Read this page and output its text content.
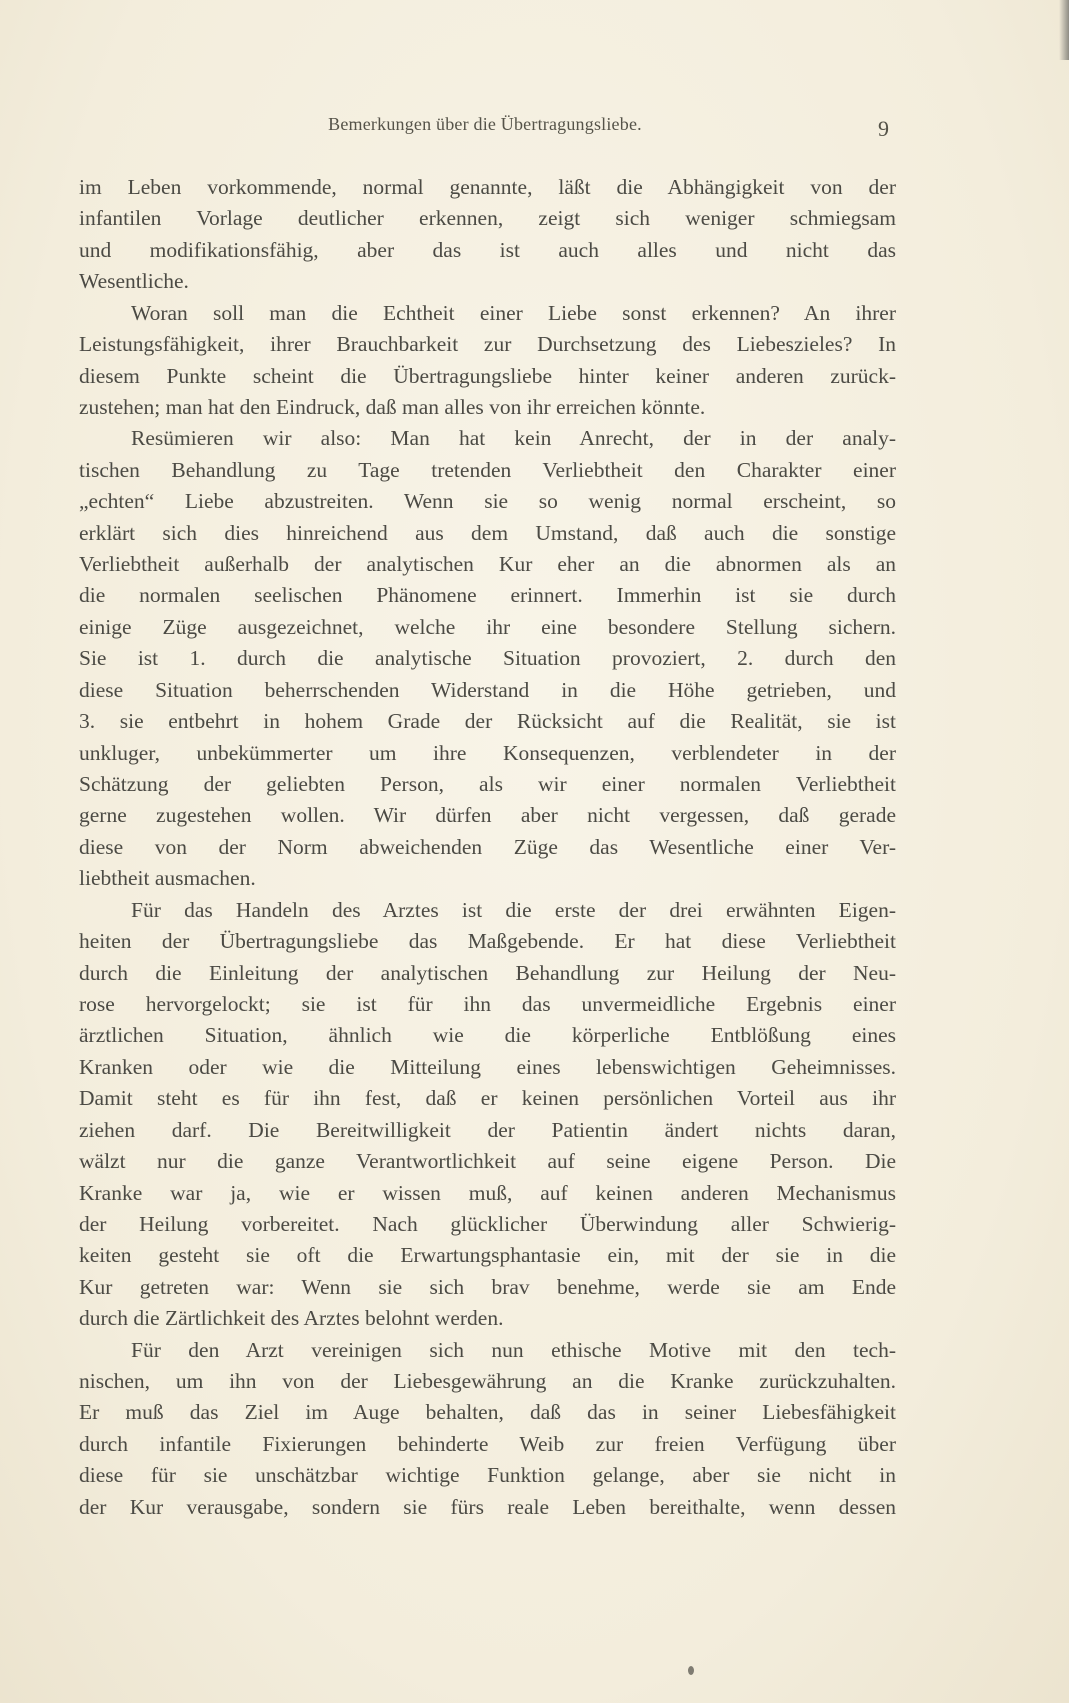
Bemerkungen über die Übertragungsliebe.	9
im Leben vorkommende, normal genannte, läßt die Abhängigkeit von der
infantilen Vorlage deutlicher erkennen, zeigt sich weniger schmiegsam
und modifikationsfähig, aber das ist auch alles und nicht das
Wesentliche.
Woran soll man die Echtheit einer Liebe sonst erkennen? An ihrer
Leistungsfähigkeit, ihrer Brauchbarkeit zur Durchsetzung des Liebeszieles? In
diesem Punkte scheint die Übertragungsliebe hinter keiner anderen zurück-
zustehen; man hat den Eindruck, daß man alles von ihr erreichen könnte.
Resümieren wir also: Man hat kein Anrecht, der in der analy-
tischen Behandlung zu Tage tretenden Verliebtheit den Charakter einer
„echten“ Liebe abzustreiten. Wenn sie so wenig normal erscheint, so
erklärt sich dies hinreichend aus dem Umstand, daß auch die sonstige
Verliebtheit außerhalb der analytischen Kur eher an die abnormen als an
die normalen seelischen Phänomene erinnert. Immerhin ist sie durch
einige Züge ausgezeichnet, welche ihr eine besondere Stellung sichern.
Sie ist 1. durch die analytische Situation provoziert, 2. durch den
diese Situation beherrschenden Widerstand in die Höhe getrieben, und
3. sie entbehrt in hohem Grade der Rücksicht auf die Realität, sie ist
unkluger, unbekümmerter um ihre Konsequenzen, verblendeter in der
Schätzung der geliebten Person, als wir einer normalen Verliebtheit
gerne zugestehen wollen. Wir dürfen aber nicht vergessen, daß gerade
diese von der Norm abweichenden Züge das Wesentliche einer Ver-
liebtheit ausmachen.
Für das Handeln des Arztes ist die erste der drei erwähnten Eigen-
heiten der Übertragungsliebe das Maßgebende. Er hat diese Verliebtheit
durch die Einleitung der analytischen Behandlung zur Heilung der Neu-
rose hervorgelockt; sie ist für ihn das unvermeidliche Ergebnis einer
ärztlichen Situation, ähnlich wie die körperliche Entblößung eines
Kranken oder wie die Mitteilung eines lebenswichtigen Geheimnisses.
Damit steht es für ihn fest, daß er keinen persönlichen Vorteil aus ihr
ziehen darf. Die Bereitwilligkeit der Patientin ändert nichts daran,
wälzt nur die ganze Verantwortlichkeit auf seine eigene Person. Die
Kranke war ja, wie er wissen muß, auf keinen anderen Mechanismus
der Heilung vorbereitet. Nach glücklicher Überwindung aller Schwierig-
keiten gesteht sie oft die Erwartungsphantasie ein, mit der sie in die
Kur getreten war: Wenn sie sich brav benehme, werde sie am Ende
durch die Zärtlichkeit des Arztes belohnt werden.
Für den Arzt vereinigen sich nun ethische Motive mit den tech-
nischen, um ihn von der Liebesgewährung an die Kranke zurückzuhalten.
Er muß das Ziel im Auge behalten, daß das in seiner Liebesfähigkeit
durch infantile Fixierungen behinderte Weib zur freien Verfügung über
diese für sie unschätzbar wichtige Funktion gelange, aber sie nicht in
der Kur verausgabe, sondern sie fürs reale Leben bereithalte, wenn dessen
